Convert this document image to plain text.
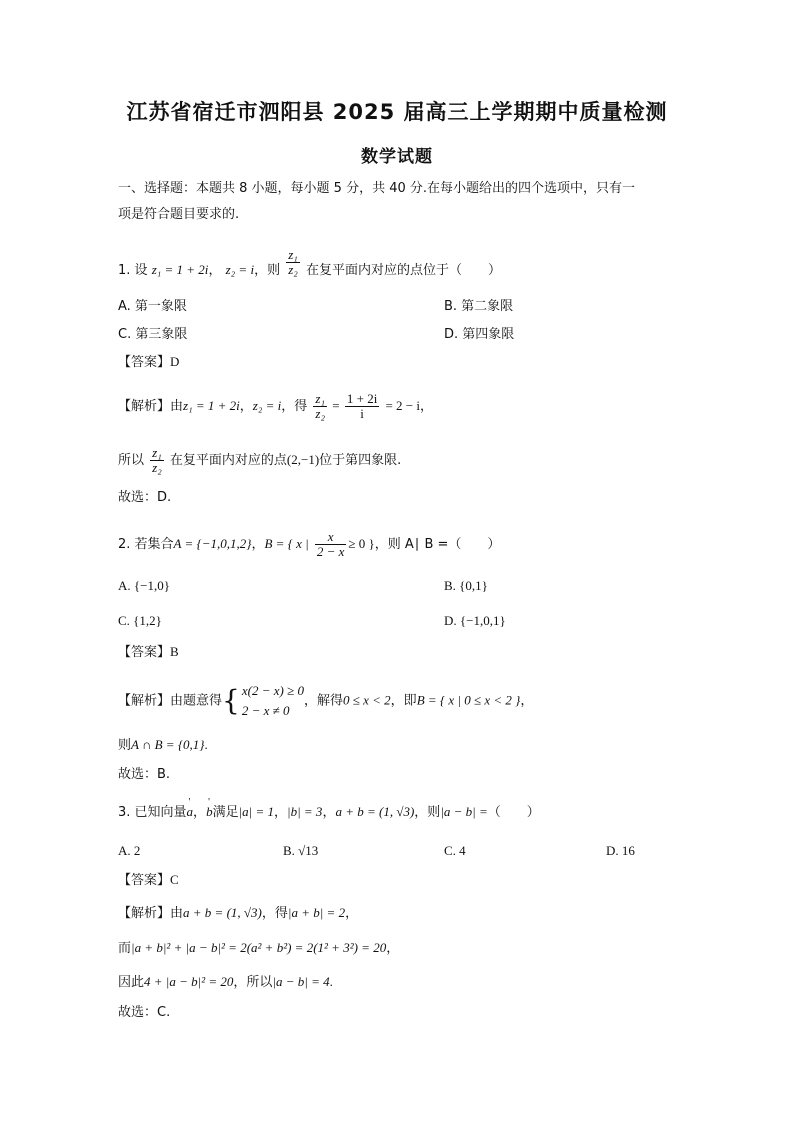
江苏省宿迁市泗阳县 2025 届高三上学期期中质量检测
数学试题
一、选择题：本题共 8 小题，每小题 5 分，共 40 分.在每小题给出的四个选项中，只有一
项是符合题目要求的.
1. 设 z₁ = 1 + 2i， z₂ = i，则 $\frac{\text{z₁}}{\text{z₂}}$ 在复平面内对应的点位于（　　）
A. 第一象限	B. 第二象限
C. 第三象限	D. 第四象限
【答案】D
【解析】由z₁ = 1 + 2i，z₂ = i，得 $\frac{\text{z₁}}{\text{z₂}} = \frac{1 + 2i}{i} = 2 - i$，
所以 $\frac{\text{z₁}}{\text{z₂}}$ 在复平面内对应的点(2,−1)位于第四象限.
故选：D.
2. 若集合A = {−1,0,1,2}，B = { x | $\frac{x}{2 - x} \ge 0$ }，则 A∣ B =（　　）
A. {−1,0}	B. {0,1}
C. {1,2}	D. {−1,0,1}
【答案】B
【解析】由题意得{ x(2 − x) ≥ 0
2 − x ≠ 0
，解得0 ≤ x < 2，即B = { x | 0 ≤ x < 2 }，
则A ∩ B = {0,1}.
故选：B.
3. 已知向量' a，' b满足|a| = 1，|b| = 3，a + b = (1, √3)，则|a − b| =（　　）
A. 2	B. √13	C. 4	D. 16
【答案】C
【解析】由a + b = (1, √3)，得|a + b| = 2，
而|a + b|² + |a − b|² = 2(a² + b²) = 2(1² + 3²) = 20，
因此4 + |a − b|² = 20，所以|a − b| = 4.
故选：C.
